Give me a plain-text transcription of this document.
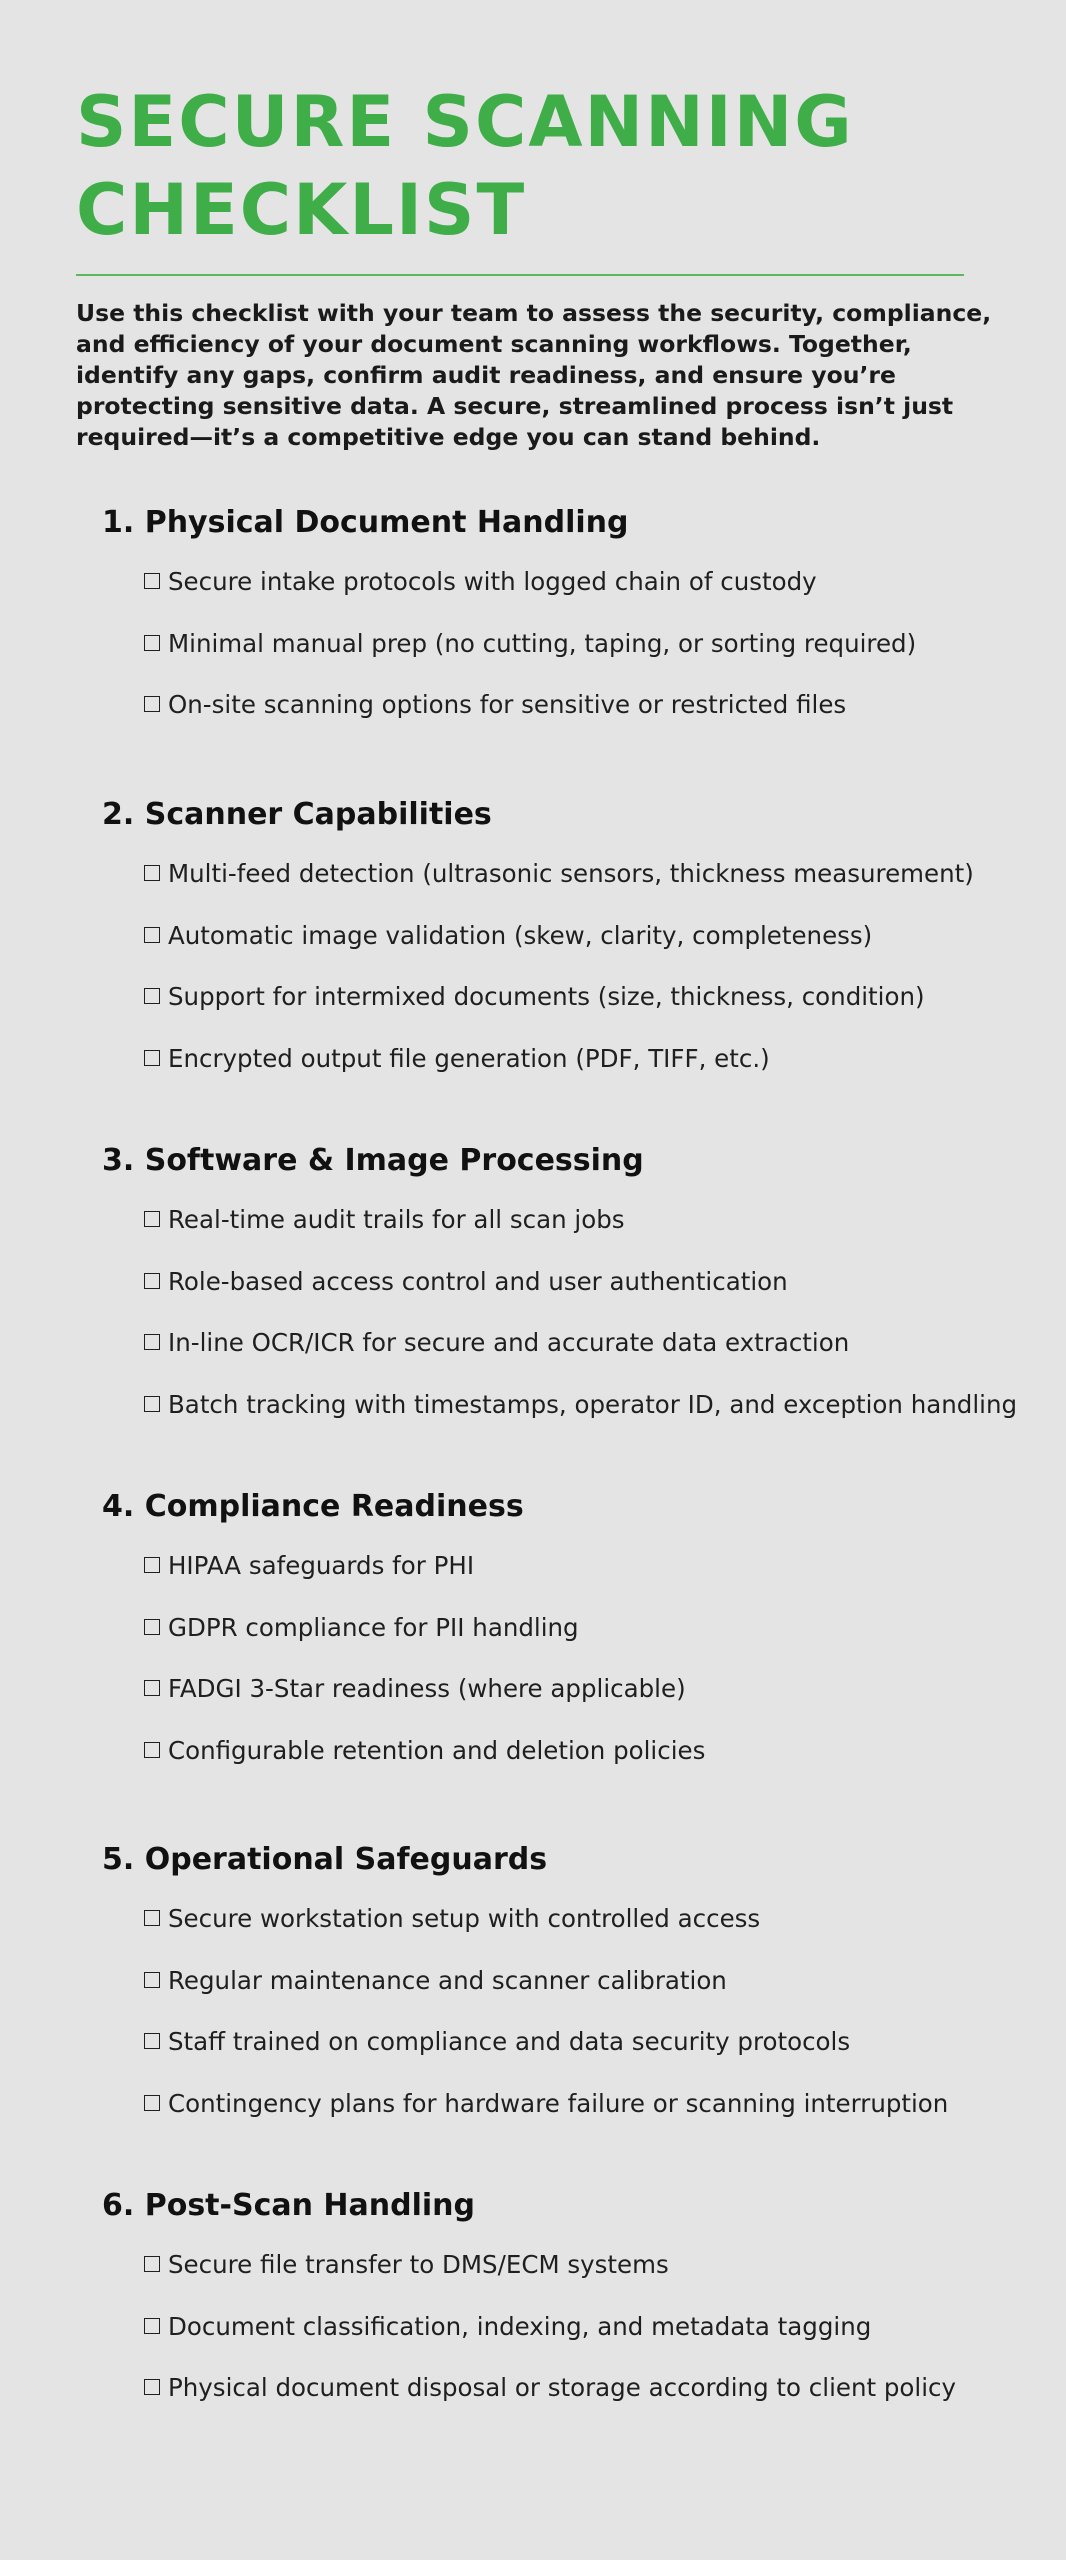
SECURE SCANNING
CHECKLIST

Use this checklist with your team to assess the security, compliance, and efficiency of your document scanning workflows. Together, identify any gaps, confirm audit readiness, and ensure you’re protecting sensitive data. A secure, streamlined process isn’t just required—it’s a competitive edge you can stand behind.

1. Physical Document Handling
Secure intake protocols with logged chain of custody
Minimal manual prep (no cutting, taping, or sorting required)
On-site scanning options for sensitive or restricted files
2. Scanner Capabilities
Multi-feed detection (ultrasonic sensors, thickness measurement)
Automatic image validation (skew, clarity, completeness)
Support for intermixed documents (size, thickness, condition)
Encrypted output file generation (PDF, TIFF, etc.)
3. Software & Image Processing
Real-time audit trails for all scan jobs
Role-based access control and user authentication
In-line OCR/ICR for secure and accurate data extraction
Batch tracking with timestamps, operator ID, and exception handling
4. Compliance Readiness
HIPAA safeguards for PHI
GDPR compliance for PII handling
FADGI 3-Star readiness (where applicable)
Configurable retention and deletion policies
5. Operational Safeguards
Secure workstation setup with controlled access
Regular maintenance and scanner calibration
Staff trained on compliance and data security protocols
Contingency plans for hardware failure or scanning interruption
6. Post-Scan Handling
Secure file transfer to DMS/ECM systems
Document classification, indexing, and metadata tagging
Physical document disposal or storage according to client policy
